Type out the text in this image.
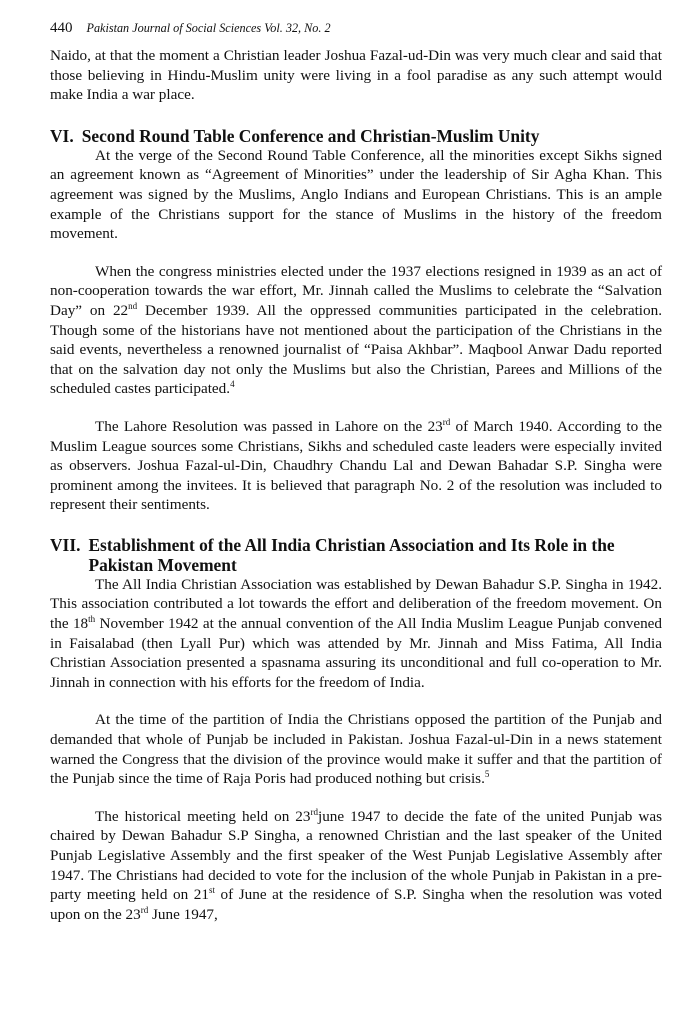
440 Pakistan Journal of Social Sciences Vol. 32, No. 2

Naido, at that the moment a Christian leader Joshua Fazal-ud-Din was very much clear and said that those believing in Hindu-Muslim unity were living in a fool paradise as any such attempt would make India a war place.

VI. Second Round Table Conference and Christian-Muslim Unity

At the verge of the Second Round Table Conference, all the minorities except Sikhs signed an agreement known as “Agreement of Minorities” under the leadership of Sir Agha Khan. This agreement was signed by the Muslims, Anglo Indians and European Christians. This is an ample example of the Christians support for the stance of Muslims in the history of the freedom movement.

When the congress ministries elected under the 1937 elections resigned in 1939 as an act of non-cooperation towards the war effort, Mr. Jinnah called the Muslims to celebrate the “Salvation Day” on 22nd December 1939. All the oppressed communities participated in the celebration. Though some of the historians have not mentioned about the participation of the Christians in the said events, nevertheless a renowned journalist of “Paisa Akhbar”. Maqbool Anwar Dadu reported that on the salvation day not only the Muslims but also the Christian, Parees and Millions of the scheduled castes participated.$^4$

The Lahore Resolution was passed in Lahore on the 23rd of March 1940. According to the Muslim League sources some Christians, Sikhs and scheduled caste leaders were especially invited as observers. Joshua Fazal-ul-Din, Chaudhry Chandu Lal and Dewan Bahadar S.P. Singha were prominent among the invitees. It is believed that paragraph No. 2 of the resolution was included to represent their sentiments.

VII. Establishment of the All India Christian Association and Its Role in the Pakistan Movement

The All India Christian Association was established by Dewan Bahadur S.P. Singha in 1942. This association contributed a lot towards the effort and deliberation of the freedom movement. On the 18th November 1942 at the annual convention of the All India Muslim League Punjab convened in Faisalabad (then Lyall Pur) which was attended by Mr. Jinnah and Miss Fatima, All India Christian Association presented a spasnama assuring its unconditional and full co-operation to Mr. Jinnah in connection with his efforts for the freedom of India.

At the time of the partition of India the Christians opposed the partition of the Punjab and demanded that whole of Punjab be included in Pakistan. Joshua Fazal-ul-Din in a news statement warned the Congress that the division of the province would make it suffer and that the partition of the Punjab since the time of Raja Poris had produced nothing but crisis.$^5$

The historical meeting held on 23rdjune 1947 to decide the fate of the united Punjab was chaired by Dewan Bahadur S.P Singha, a renowned Christian and the last speaker of the United Punjab Legislative Assembly and the first speaker of the West Punjab Legislative Assembly after 1947. The Christians had decided to vote for the inclusion of the whole Punjab in Pakistan in a pre-party meeting held on 21st of June at the residence of S.P. Singha when the resolution was voted upon on the 23rd June 1947,
